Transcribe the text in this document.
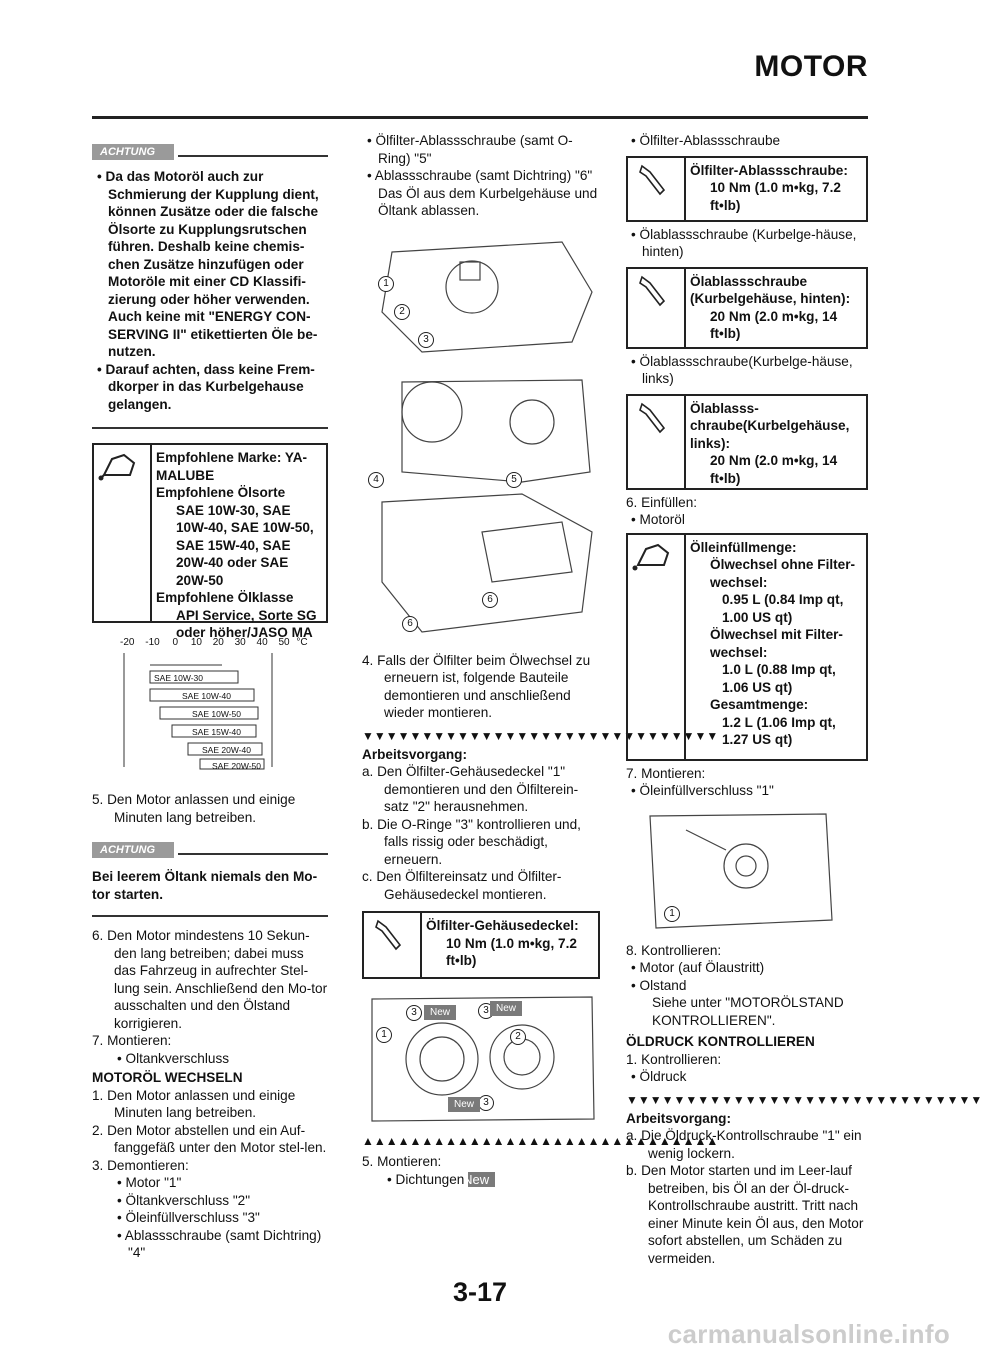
MOTOR
ACHTUNG

• Da das Motoröl auch zur Schmierung der Kupplung dient, können Zusätze oder die falsche Ölsorte zu Kupplungsrutschen führen. Deshalb keine chemis-chen Zusätze hinzufügen oder Motoröle mit einer CD Klassifi-zierung oder höher verwenden. Auch keine mit "ENERGY CON-SERVING II" etikettierten Öle be-nutzen.

• Darauf achten, dass keine Frem-dkorper in das Kurbelgehause gelangen.

Empfohlene Marke: YA-MALUBE

Empfohlene Ölsorte

SAE 10W-30, SAE 10W-40, SAE 10W-50, SAE 15W-40, SAE 20W-40 oder SAE 20W-50

Empfohlene Ölklasse

API Service, Sorte SG oder höher/JASO MA

-20 -10 0 10 20 30 40 50 °C
SAE 10W-30
SAE 10W-40
SAE 10W-50
SAE 15W-40
SAE 20W-40
SAE 20W-50

5. Den Motor anlassen und einige Minuten lang betreiben.

ACHTUNG

Bei leerem Öltank niemals den Mo-tor starten.

6. Den Motor mindestens 10 Sekun-den lang betreiben; dabei muss das Fahrzeug in aufrechter Stel-lung sein. Anschließend den Mo-tor ausschalten und den Ölstand korrigieren.

7. Montieren:

• Oltankverschluss

MOTORÖL WECHSELN

1. Den Motor anlassen und einige Minuten lang betreiben.

2. Den Motor abstellen und ein Auf-fanggefäß unter den Motor stel-len.

3. Demontieren:

• Motor "1"

• Öltankverschluss "2"

• Öleinfüllverschluss "3"

• Ablassschraube (samt Dichtring) "4"

• Ölfilter-Ablassschraube (samt O-Ring) "5"

• Ablassschraube (samt Dichtring) "6"

Das Öl aus dem Kurbelgehäuse und Öltank ablassen.

1
2
3
4	5
6
6

4. Falls der Ölfilter beim Ölwechsel zu erneuern ist, folgende Bauteile demontieren und anschließend wieder montieren.

▼▼▼▼▼▼▼▼▼▼▼▼▼▼▼▼▼▼▼▼▼▼▼▼▼▼▼▼▼▼

Arbeitsvorgang:

a. Den Ölfilter-Gehäusedeckel "1" demontieren und den Ölfilterein-satz "2" herausnehmen.

b. Die O-Ringe "3" kontrollieren und, falls rissig oder beschädigt, erneuern.

c. Den Ölfiltereinsatz und Ölfilter-Gehäusedeckel montieren.

Ölfilter-Gehäusedeckel:

10 Nm (1.0 m•kg, 7.2 ft•lb)

1
3	3
2
3
New	New
New
▲▲▲▲▲▲▲▲▲▲▲▲▲▲▲▲▲▲▲▲▲▲▲▲▲▲▲▲▲▲

5. Montieren:

• Dichtungen New

• Ölfilter-Ablassschraube

Ölfilter-Ablassschraube:

10 Nm (1.0 m•kg, 7.2 ft•lb)

• Ölablassschraube (Kurbelge-häuse, hinten)

Ölablassschraube (Kurbelgehäuse, hinten):

20 Nm (2.0 m•kg, 14 ft•lb)

• Ölablassschraube(Kurbelge-häuse, links)

Ölablasss-chraube(Kurbelgehäuse, links):

20 Nm (2.0 m•kg, 14 ft•lb)

6. Einfüllen:

• Motoröl

Ölleinfüllmenge:

Ölwechsel ohne Filter-wechsel:

0.95 L (0.84 Imp qt, 1.00 US qt)

Ölwechsel mit Filter-wechsel:

1.0 L (0.88 Imp qt, 1.06 US qt)

Gesamtmenge:

1.2 L (1.06 Imp qt, 1.27 US qt)

7. Montieren:

• Öleinfüllverschluss "1"

1

8. Kontrollieren:

• Motor (auf Ölaustritt)

• Olstand

Siehe unter "MOTORÖLSTAND KONTROLLIEREN".

ÖLDRUCK KONTROLLIEREN

1. Kontrollieren:

• Öldruck

▼▼▼▼▼▼▼▼▼▼▼▼▼▼▼▼▼▼▼▼▼▼▼▼▼▼▼▼▼▼

Arbeitsvorgang:

a. Die Öldruck-Kontrollschraube "1" ein wenig lockern.

b. Den Motor starten und im Leer-lauf betreiben, bis Öl an der Öl-druck-Kontrollschraube austritt. Tritt nach einer Minute kein Öl aus, den Motor sofort abstellen, um Schäden zu vermeiden.

3-17
carmanualsonline.info
